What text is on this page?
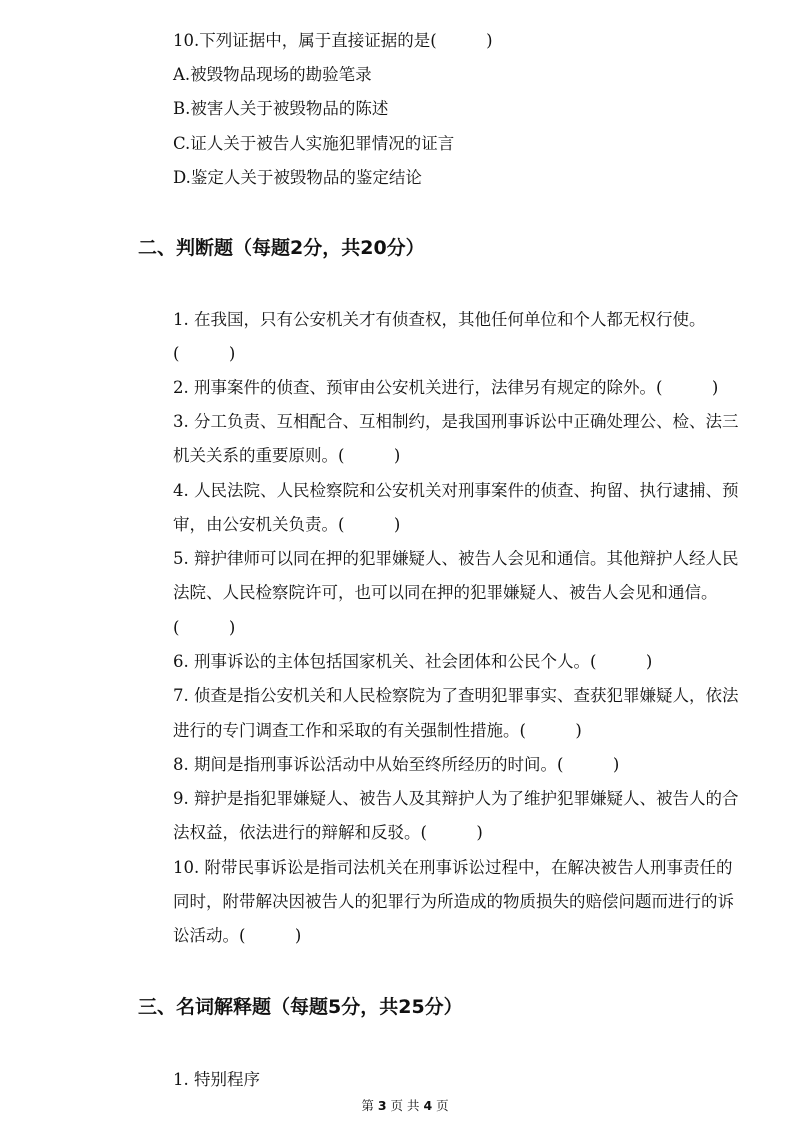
10.下列证据中，属于直接证据的是(　　　)
A.被毁物品现场的勘验笔录
B.被害人关于被毁物品的陈述
C.证人关于被告人实施犯罪情况的证言
D.鉴定人关于被毁物品的鉴定结论
二、判断题（每题2分，共20分）
1. 在我国，只有公安机关才有侦查权，其他任何单位和个人都无权行使。
(　　　)
2. 刑事案件的侦查、预审由公安机关进行，法律另有规定的除外。(　　　)
3. 分工负责、互相配合、互相制约，是我国刑事诉讼中正确处理公、检、法三
机关关系的重要原则。(　　　)
4. 人民法院、人民检察院和公安机关对刑事案件的侦查、拘留、执行逮捕、预
审，由公安机关负责。(　　　)
5. 辩护律师可以同在押的犯罪嫌疑人、被告人会见和通信。其他辩护人经人民
法院、人民检察院许可，也可以同在押的犯罪嫌疑人、被告人会见和通信。
(　　　)
6. 刑事诉讼的主体包括国家机关、社会团体和公民个人。(　　　)
7. 侦查是指公安机关和人民检察院为了查明犯罪事实、查获犯罪嫌疑人，依法
进行的专门调查工作和采取的有关强制性措施。(　　　)
8. 期间是指刑事诉讼活动中从始至终所经历的时间。(　　　)
9. 辩护是指犯罪嫌疑人、被告人及其辩护人为了维护犯罪嫌疑人、被告人的合
法权益，依法进行的辩解和反驳。(　　　)
10. 附带民事诉讼是指司法机关在刑事诉讼过程中，在解决被告人刑事责任的
同时，附带解决因被告人的犯罪行为所造成的物质损失的赔偿问题而进行的诉
讼活动。(　　　)
三、名词解释题（每题5分，共25分）
1. 特别程序
第 3 页 共 4 页
